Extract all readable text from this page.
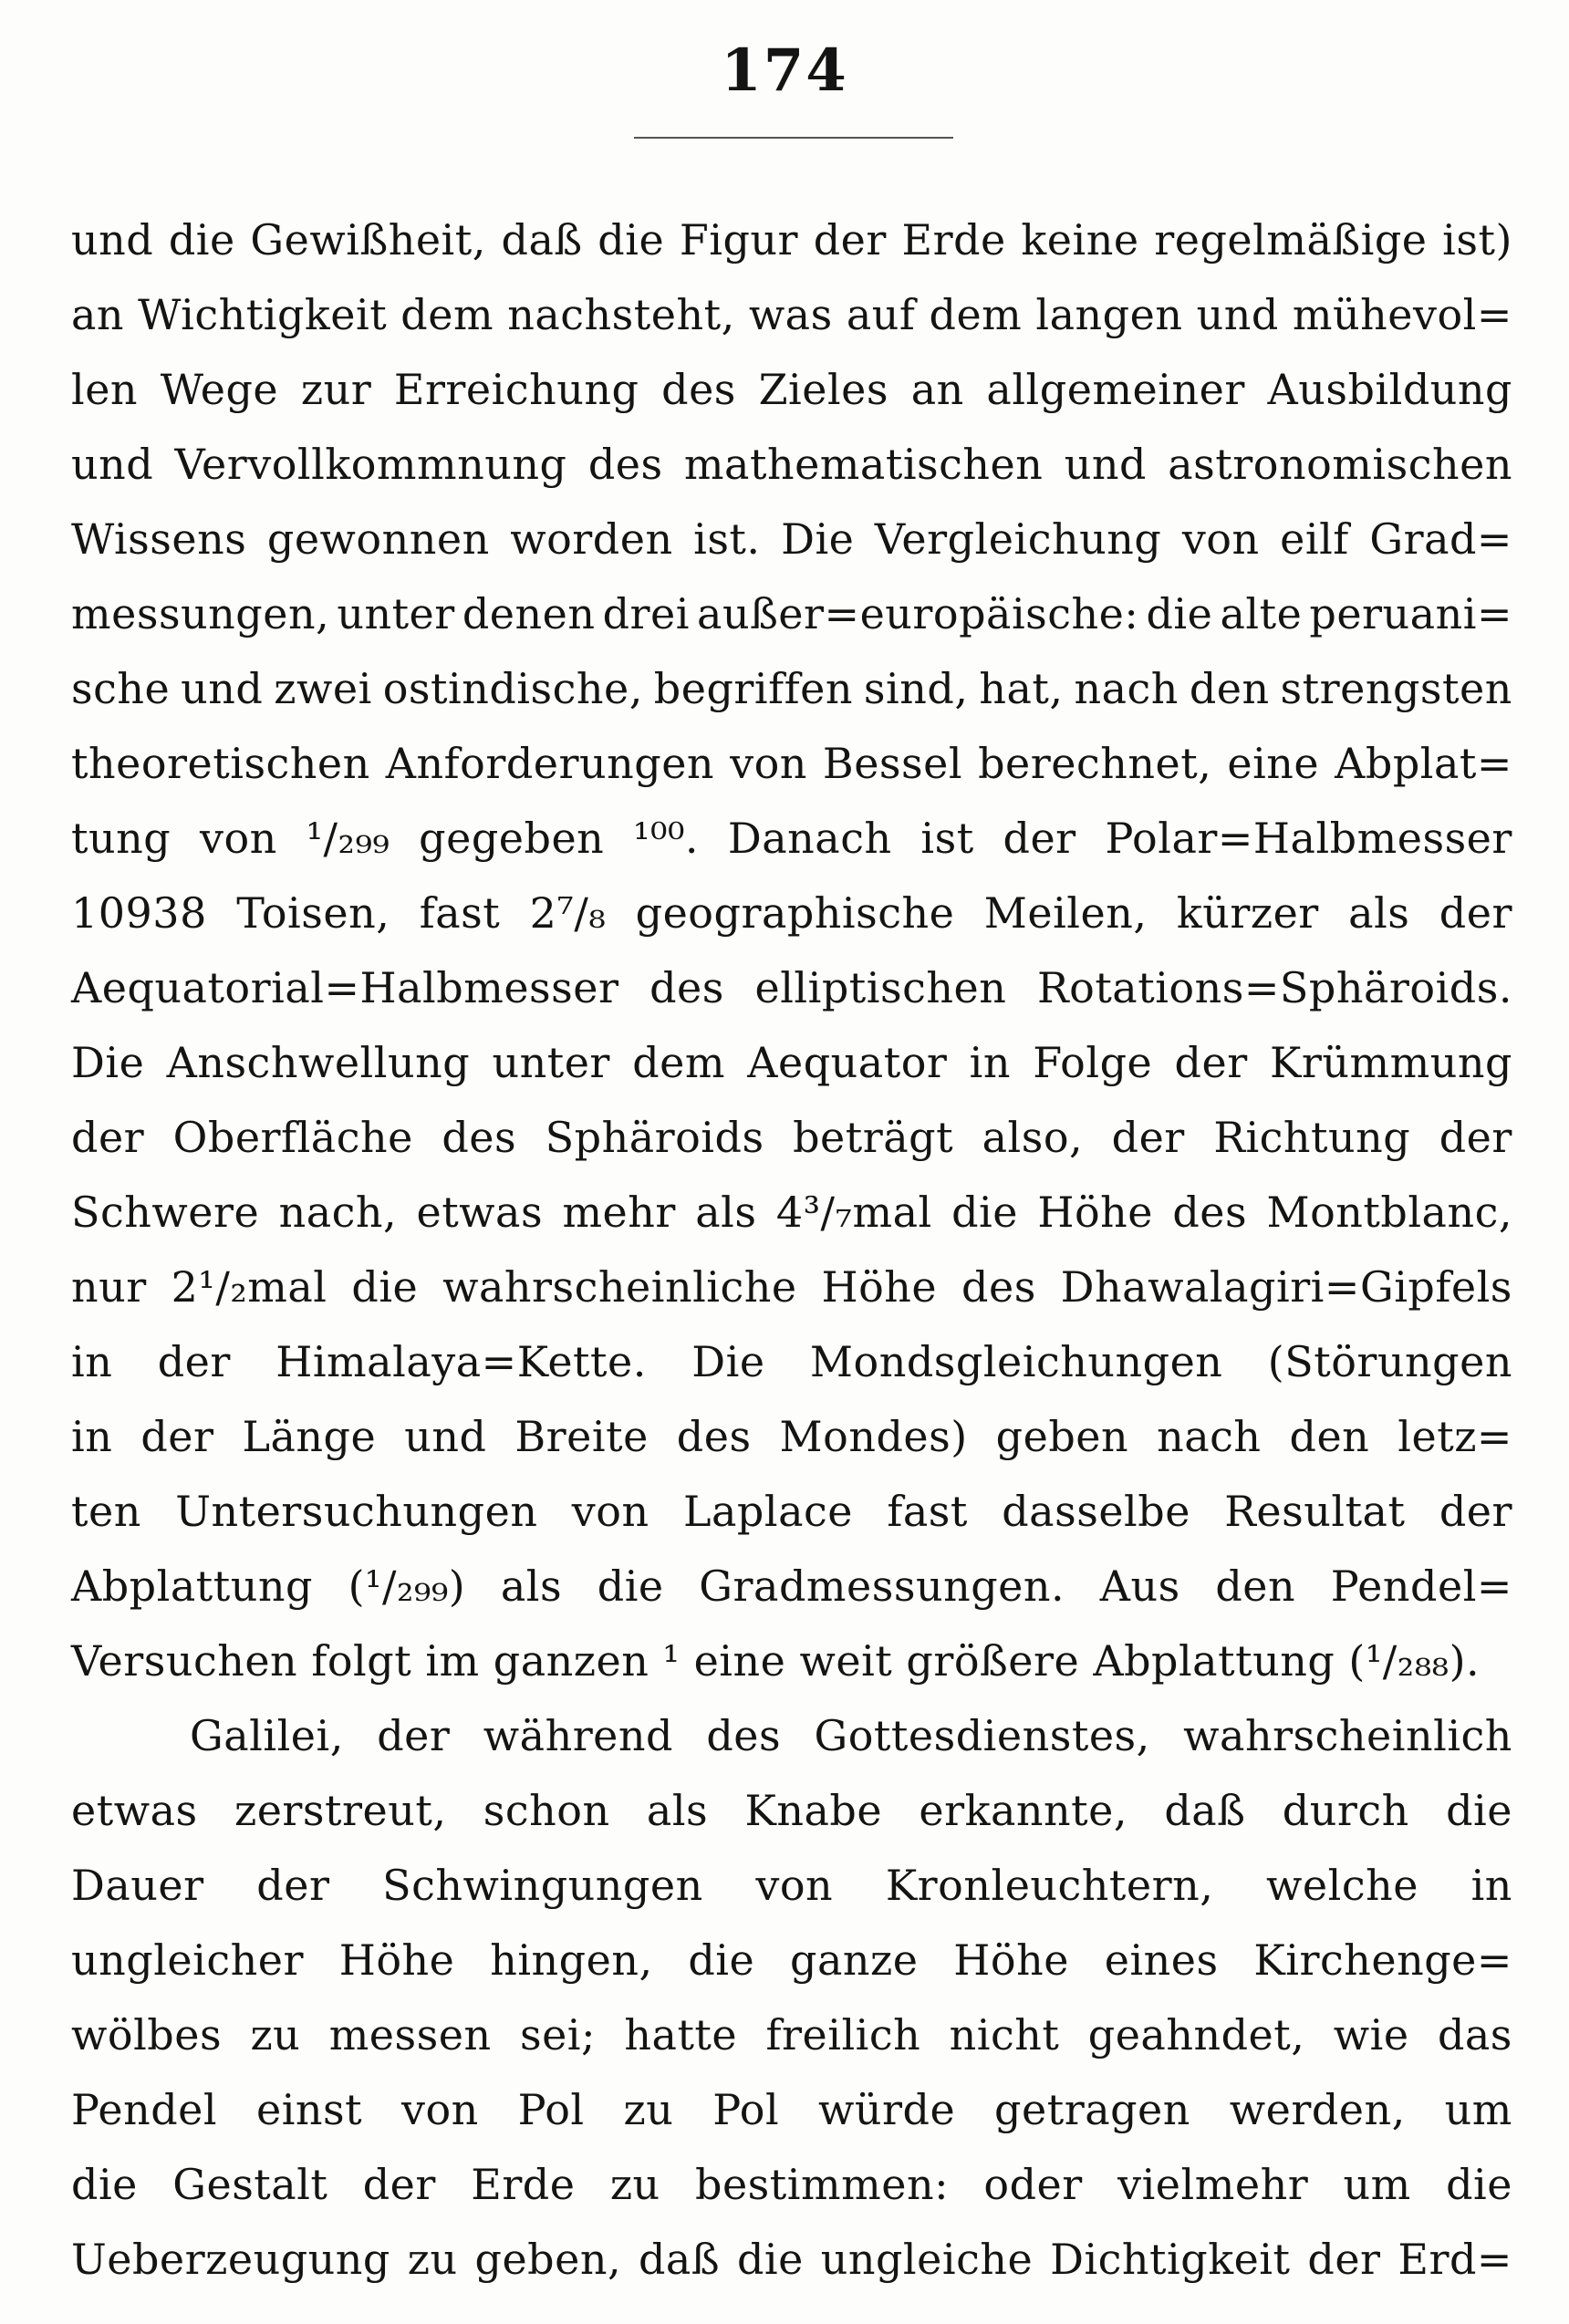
174
und die Gewißheit, daß die Figur der Erde keine regelmäßige ist)
an Wichtigkeit dem nachsteht, was auf dem langen und mühevol=
len Wege zur Erreichung des Zieles an allgemeiner Ausbildung
und Vervollkommnung des mathematischen und astronomischen
Wissens gewonnen worden ist. Die Vergleichung von eilf Grad=
messungen, unter denen drei außer=europäische: die alte peruani=
sche und zwei ostindische, begriffen sind, hat, nach den strengsten
theoretischen Anforderungen von Bessel berechnet, eine Abplat=
tung von ¹/₂₉₉ gegeben ¹⁰⁰. Danach ist der Polar=Halbmesser
10938 Toisen, fast 2⁷/₈ geographische Meilen, kürzer als der
Aequatorial=Halbmesser des elliptischen Rotations=Sphäroids.
Die Anschwellung unter dem Aequator in Folge der Krümmung
der Oberfläche des Sphäroids beträgt also, der Richtung der
Schwere nach, etwas mehr als 4³/₇mal die Höhe des Montblanc,
nur 2¹/₂mal die wahrscheinliche Höhe des Dhawalagiri=Gipfels
in der Himalaya=Kette. Die Mondsgleichungen (Störungen
in der Länge und Breite des Mondes) geben nach den letz=
ten Untersuchungen von Laplace fast dasselbe Resultat der
Abplattung (¹/₂₉₉) als die Gradmessungen. Aus den Pendel=
Versuchen
folgt
im
ganzen
¹
eine
weit
größere
Abplattung
(¹/₂₈₈).
Galilei, der während des Gottesdienstes, wahrscheinlich
etwas zerstreut, schon als Knabe erkannte, daß durch die
Dauer der Schwingungen von Kronleuchtern, welche in
ungleicher Höhe hingen, die ganze Höhe eines Kirchenge=
wölbes zu messen sei; hatte freilich nicht geahndet, wie das
Pendel einst von Pol zu Pol würde getragen werden, um
die Gestalt der Erde zu bestimmen: oder vielmehr um die
Ueberzeugung zu geben, daß die ungleiche Dichtigkeit der Erd=
